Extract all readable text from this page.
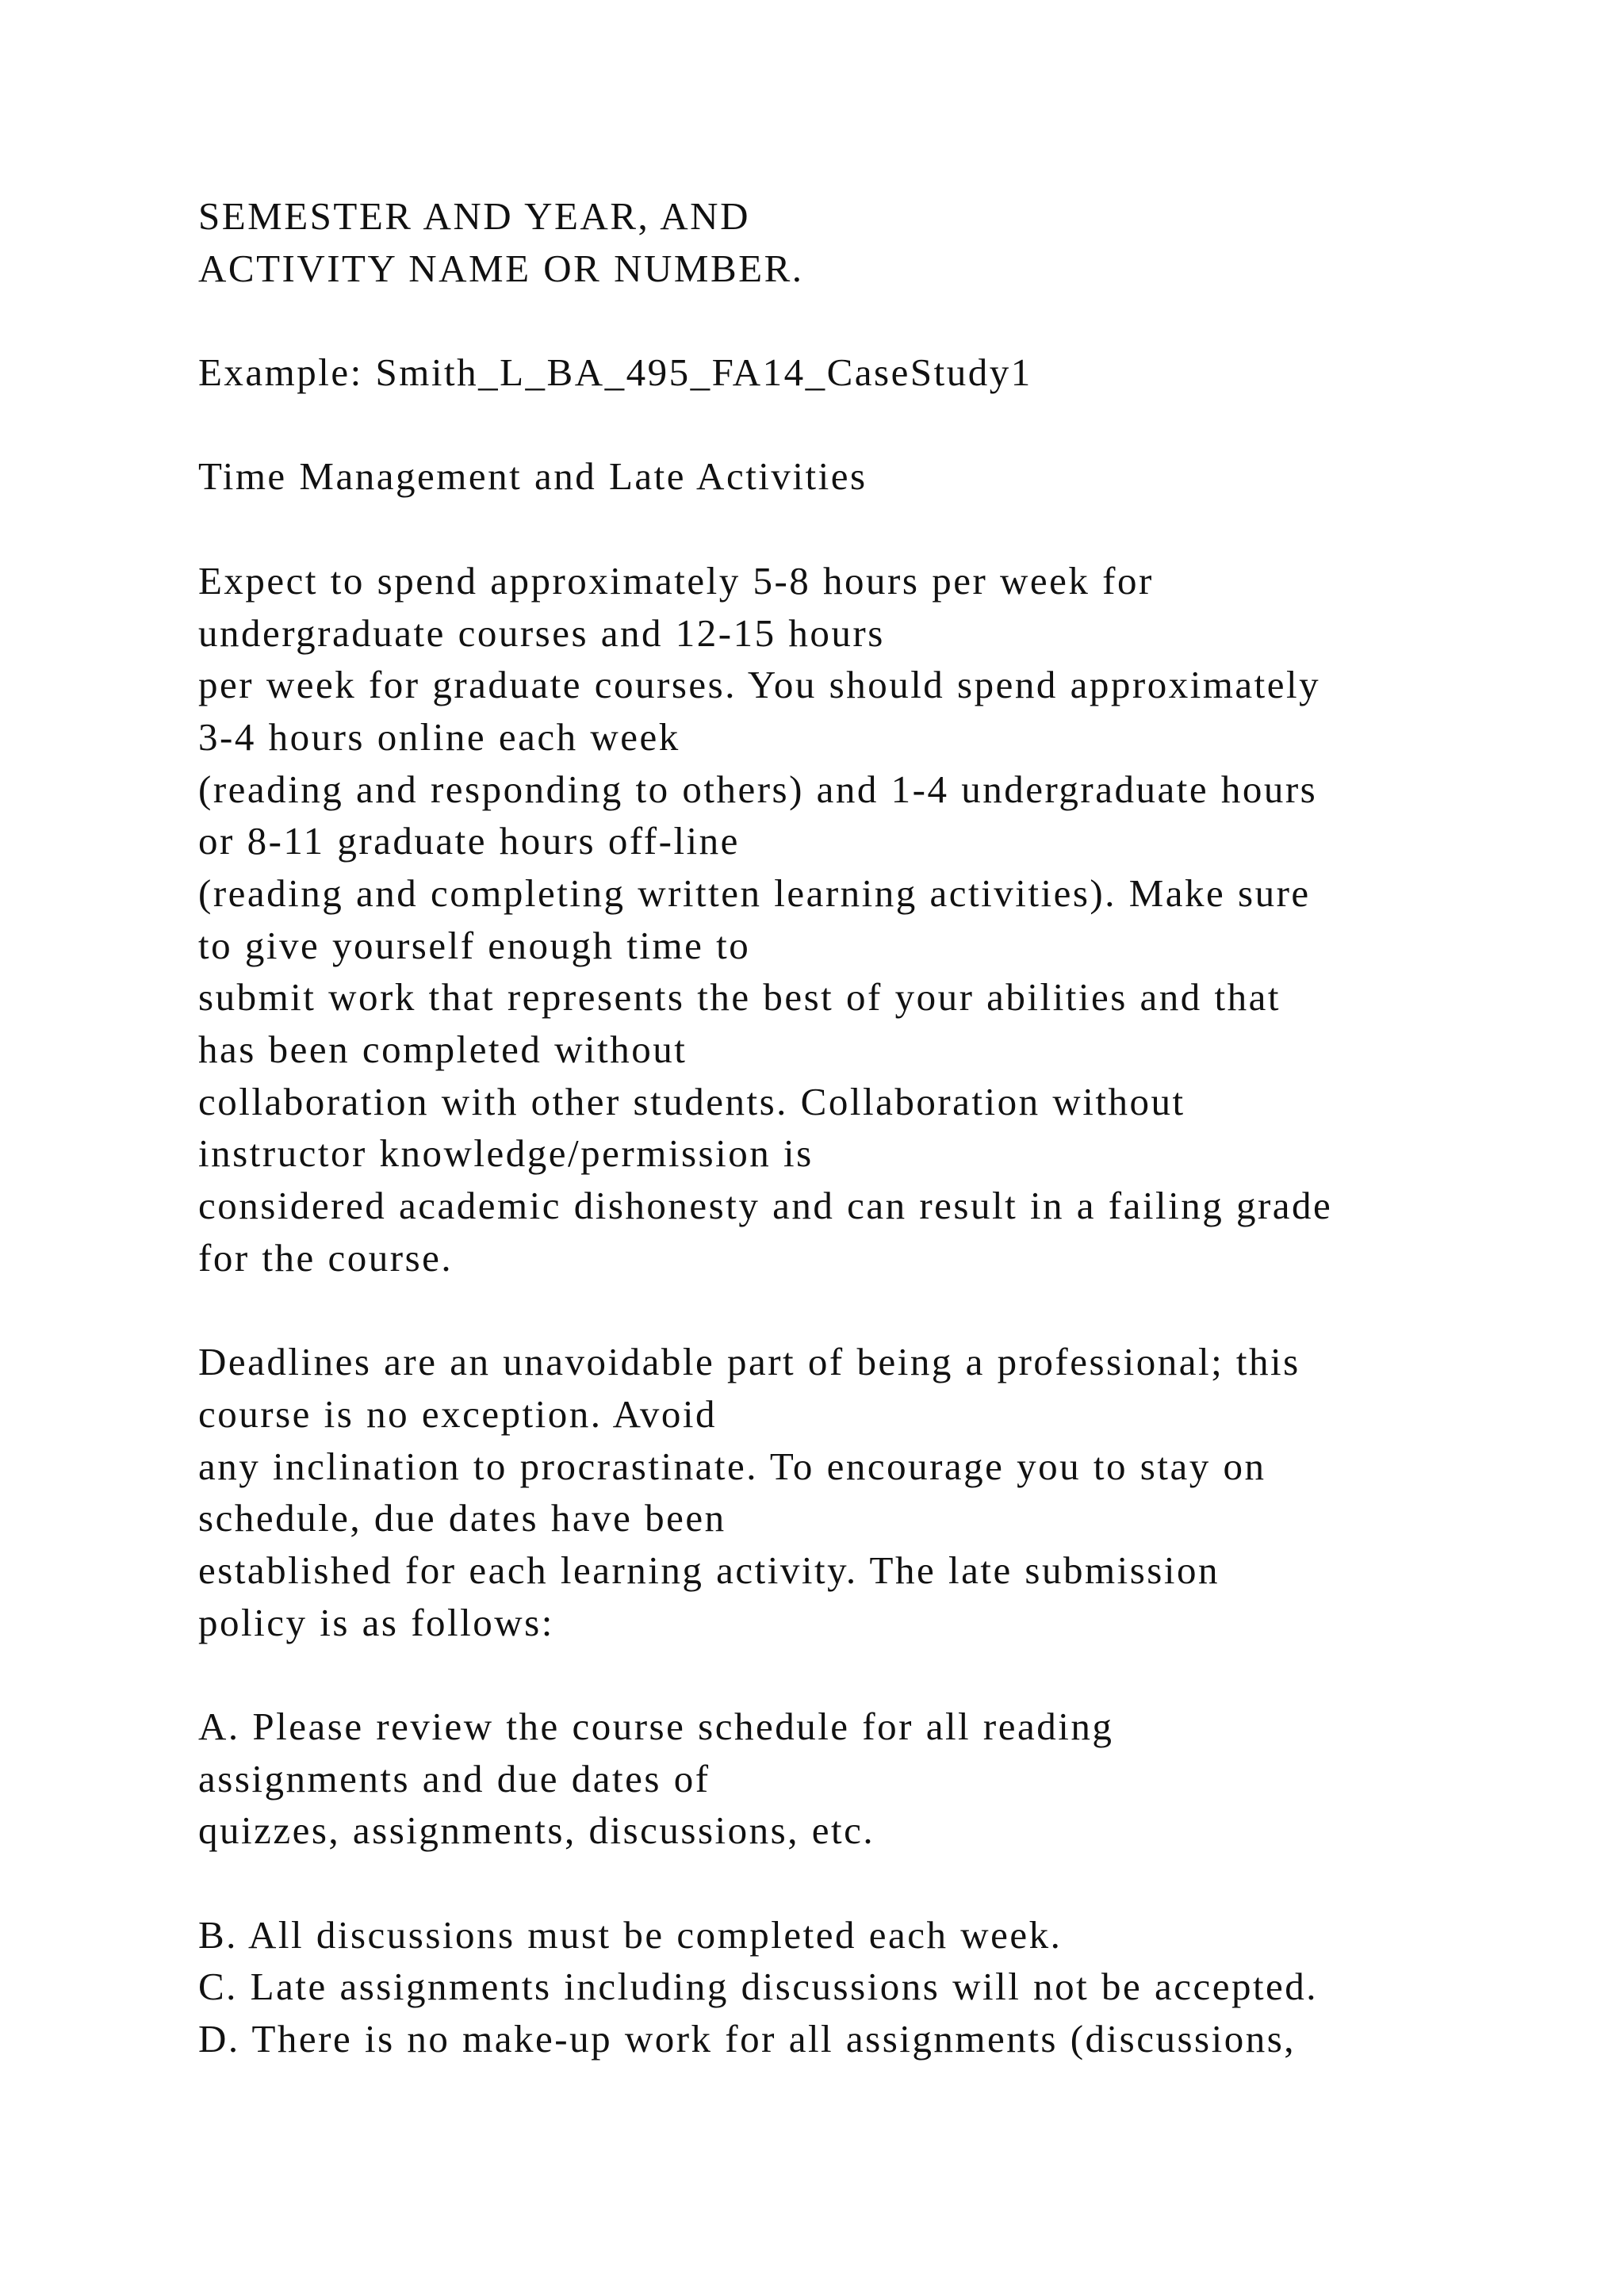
SEMESTER AND YEAR, AND
ACTIVITY NAME OR NUMBER.
Example: Smith_L_BA_495_FA14_CaseStudy1
Time Management and Late Activities
Expect to spend approximately 5-8 hours per week for
undergraduate courses and 12-15 hours
per week for graduate courses. You should spend approximately
3-4 hours online each week
(reading and responding to others) and 1-4 undergraduate hours
or 8-11 graduate hours off-line
(reading and completing written learning activities). Make sure
to give yourself enough time to
submit work that represents the best of your abilities and that
has been completed without
collaboration with other students. Collaboration without
instructor knowledge/permission is
considered academic dishonesty and can result in a failing grade
for the course.
Deadlines are an unavoidable part of being a professional; this
course is no exception. Avoid
any inclination to procrastinate. To encourage you to stay on
schedule, due dates have been
established for each learning activity. The late submission
policy is as follows:
A. Please review the course schedule for all reading
assignments and due dates of
quizzes, assignments, discussions, etc.
B. All discussions must be completed each week.
C. Late assignments including discussions will not be accepted.
D. There is no make-up work for all assignments (discussions,
